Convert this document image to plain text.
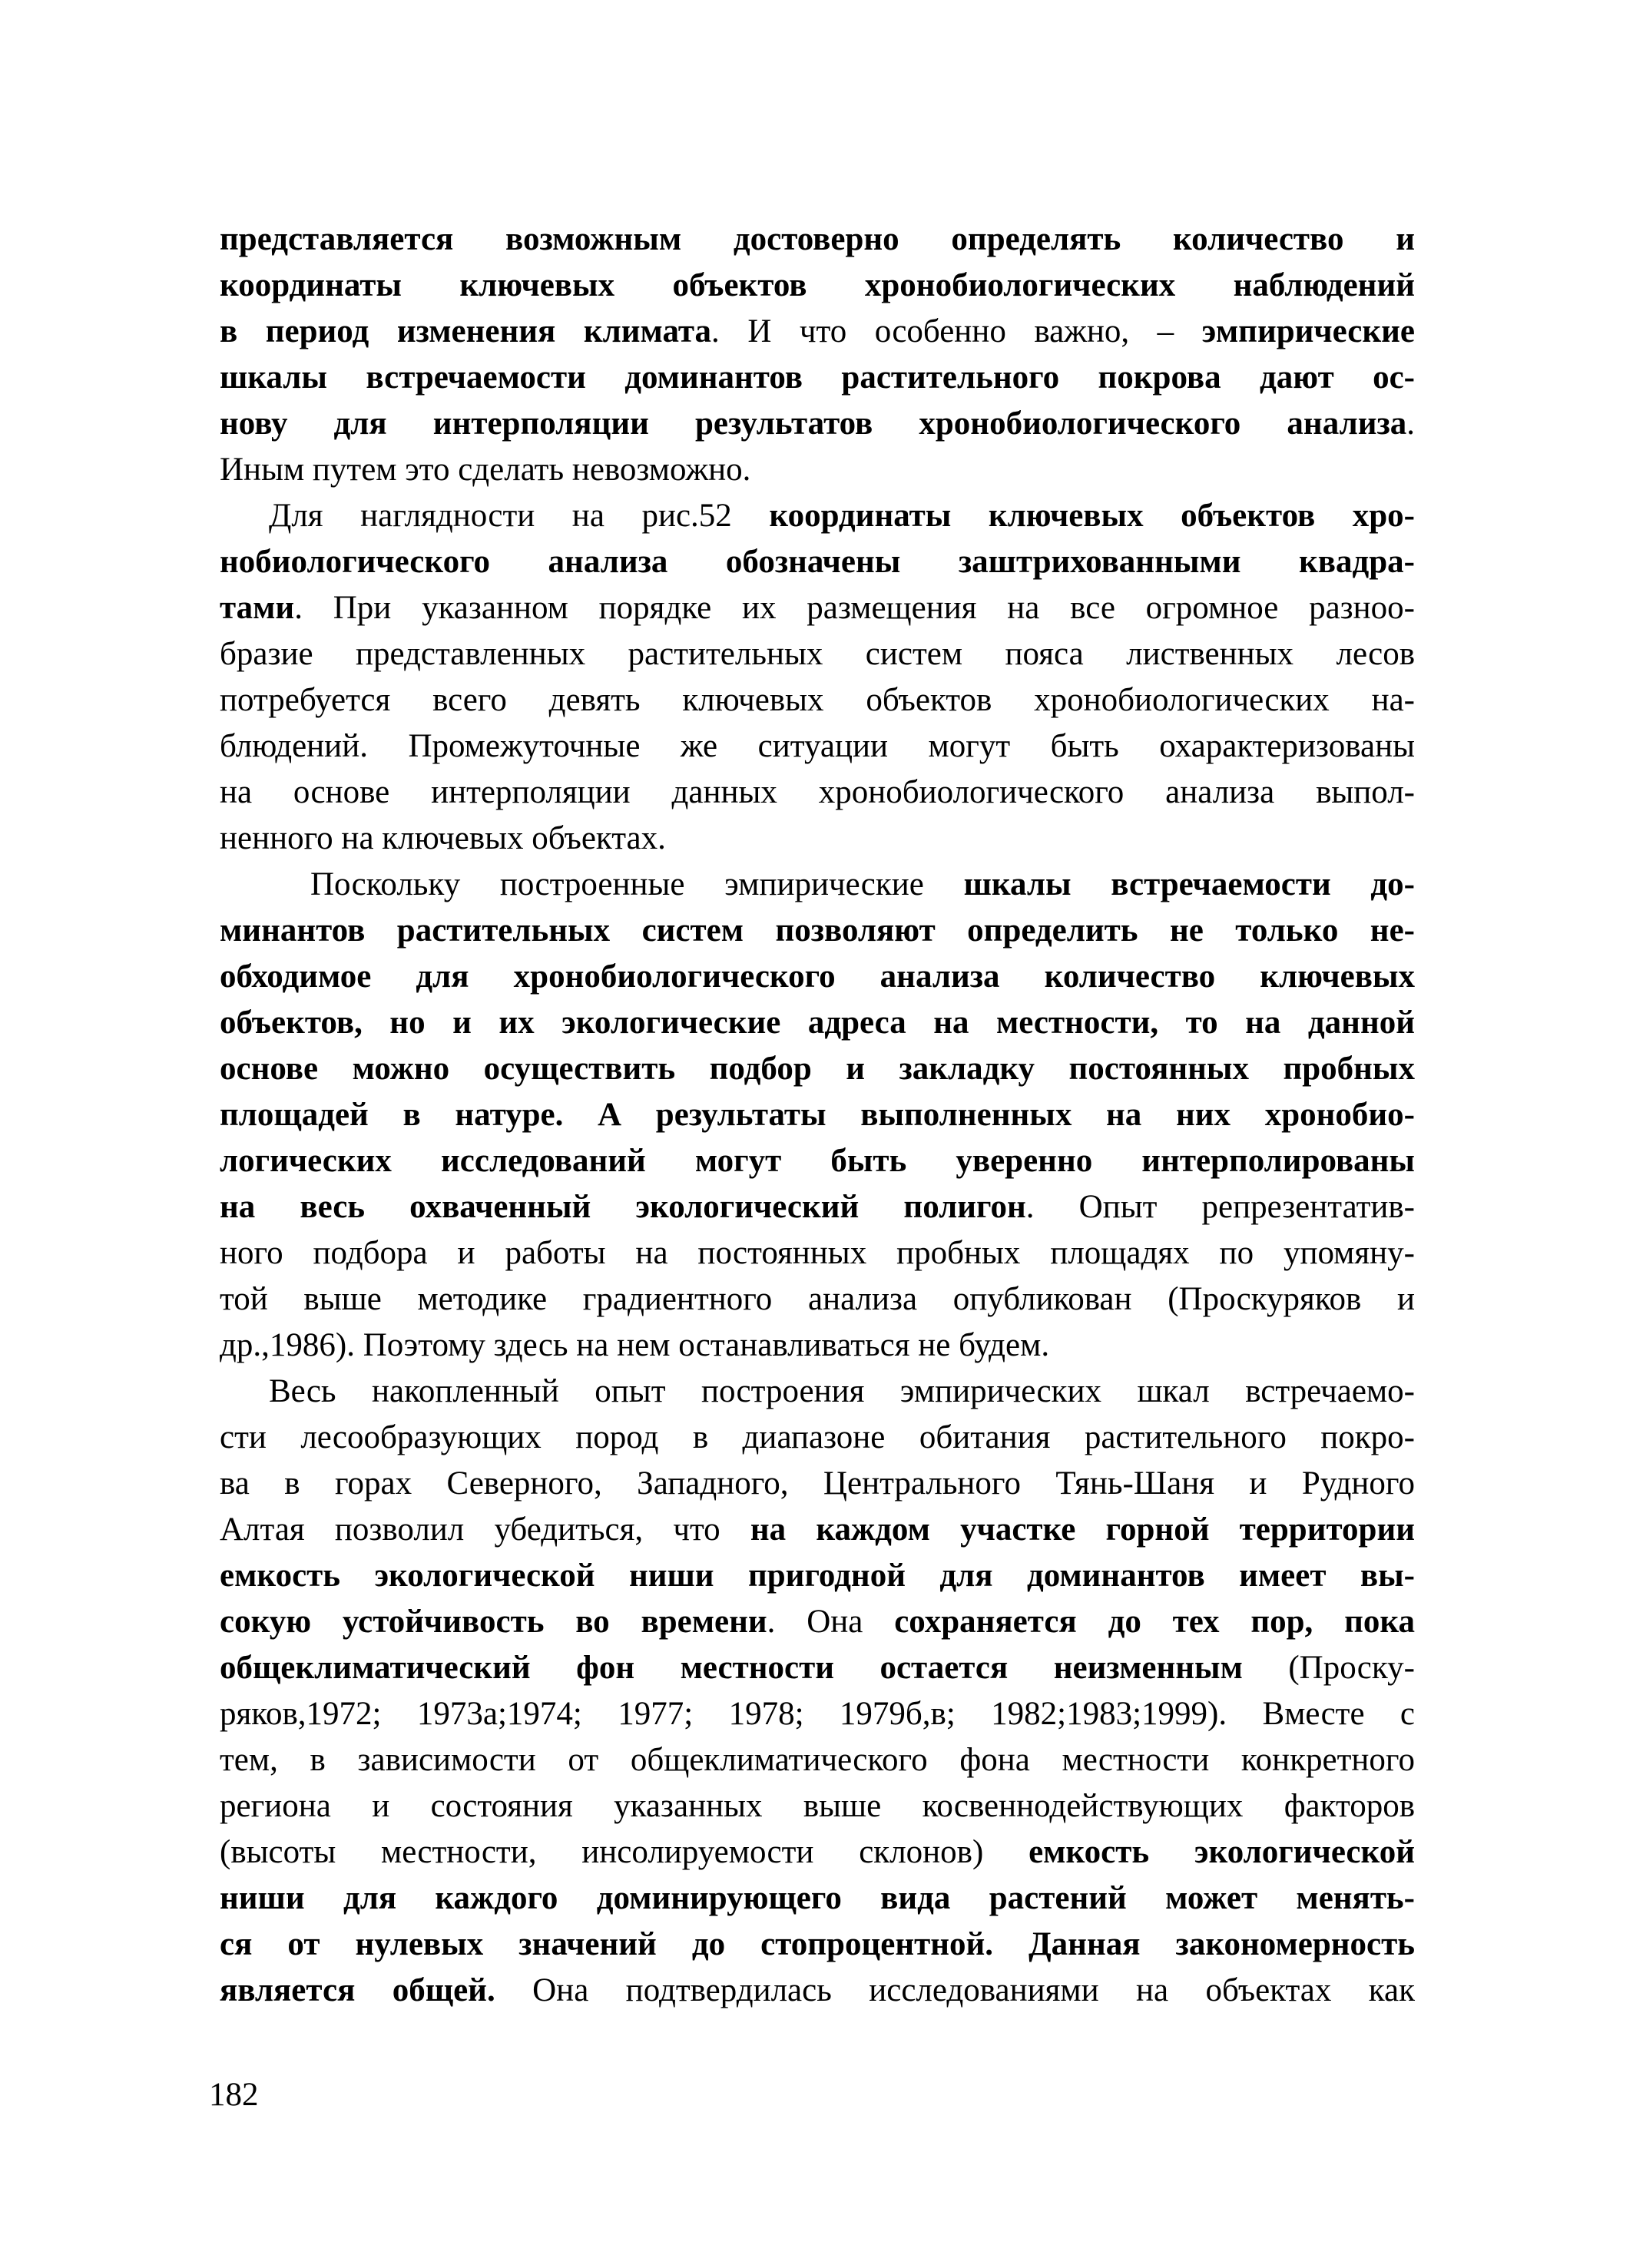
представляется возможным достоверно определять количество и
координаты ключевых объектов хронобиологических наблюдений
в период изменения климата. И что особенно важно, – эмпирические
шкалы встречаемости доминантов растительного покрова дают ос-
нову для интерполяции результатов хронобиологического анализа.
Иным путем это сделать невозможно.
Для наглядности на рис.52 координаты ключевых объектов хро-
нобиологического анализа обозначены заштрихованными квадра-
тами. При указанном порядке их размещения на все огромное разноо-
бразие представленных растительных систем пояса лиственных лесов
потребуется всего девять ключевых объектов хронобиологических на-
блюдений. Промежуточные же ситуации могут быть охарактеризованы
на основе интерполяции данных хронобиологического анализа выпол-
ненного на ключевых объектах.
Поскольку построенные эмпирические шкалы встречаемости до-
минантов растительных систем позволяют определить не только не-
обходимое для хронобиологического анализа количество ключевых
объектов, но и их экологические адреса на местности, то на данной
основе можно осуществить подбор и закладку постоянных пробных
площадей в натуре. А результаты выполненных на них хронобио-
логических исследований могут быть уверенно интерполированы
на весь охваченный экологический полигон. Опыт репрезентатив-
ного подбора и работы на постоянных пробных площадях по упомяну-
той выше методике градиентного анализа опубликован (Проскуряков и
др.,1986). Поэтому здесь на нем останавливаться не будем.
Весь накопленный опыт построения эмпирических шкал встречаемо-
сти лесообразующих пород в диапазоне обитания растительного покро-
ва в горах Северного, Западного, Центрального Тянь-Шаня и Рудного
Алтая позволил убедиться, что на каждом участке горной территории
емкость экологической ниши пригодной для доминантов имеет вы-
сокую устойчивость во времени. Она сохраняется до тех пор, пока
общеклиматический фон местности остается неизменным (Проску-
ряков,1972; 1973а;1974; 1977; 1978; 1979б,в; 1982;1983;1999). Вместе с
тем, в зависимости от общеклиматического фона местности конкретного
региона и состояния указанных выше косвеннодействующих факторов
(высоты местности, инсолируемости склонов) емкость экологической
ниши для каждого доминирующего вида растений может менять-
ся от нулевых значений до стопроцентной. Данная закономерность
является общей. Она подтвердилась исследованиями на объектах как
182
